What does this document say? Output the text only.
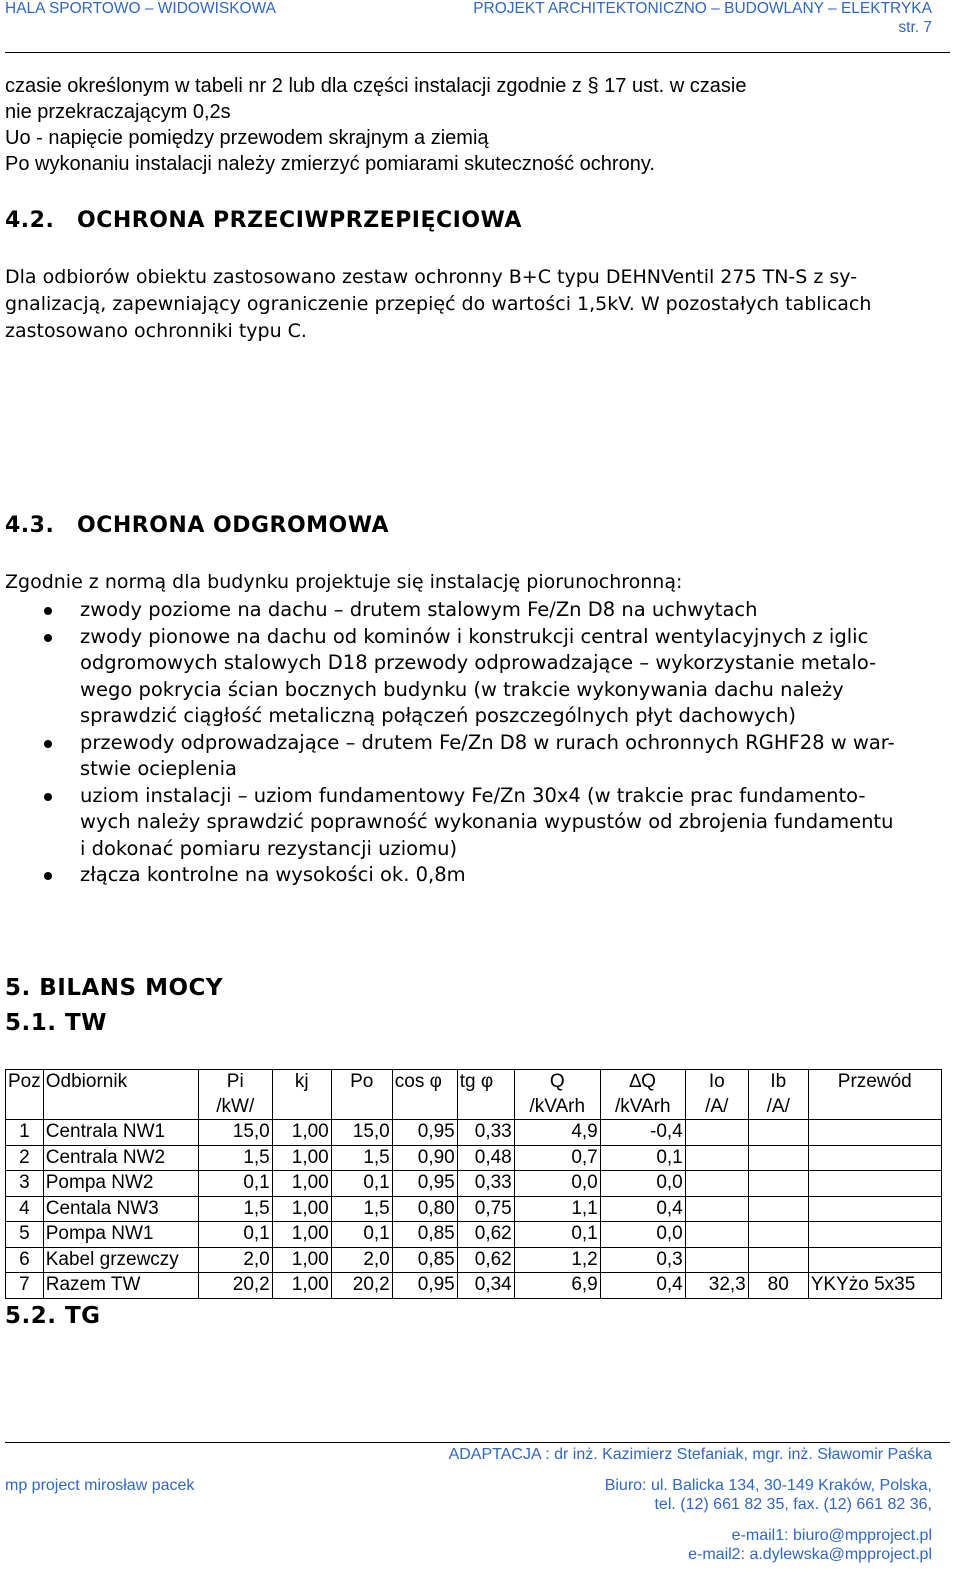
HALA SPORTOWO – WIDOWISKOWA	PROJEKT ARCHITEKTONICZNO – BUDOWLANY – ELEKTRYKA
str. 7
czasie określonym w tabeli nr 2 lub dla części instalacji zgodnie z § 17 ust. w czasie
nie przekraczającym 0,2s
Uo - napięcie pomiędzy przewodem skrajnym a ziemią
Po wykonaniu instalacji należy zmierzyć pomiarami skuteczność ochrony.
4.2. OCHRONA PRZECIWPRZEPIĘCIOWA
Dla odbiorów obiektu zastosowano zestaw ochronny B+C typu DEHNVentil 275 TN-S z sy-
gnalizacją, zapewniający ograniczenie przepięć do wartości 1,5kV. W pozostałych tablicach
zastosowano ochronniki typu C.
4.3. OCHRONA ODGROMOWA
Zgodnie z normą dla budynku projektuje się instalację piorunochronną:
zwody poziome na dachu – drutem stalowym Fe/Zn D8 na uchwytach
zwody pionowe na dachu od kominów i konstrukcji central wentylacyjnych z iglic
odgromowych stalowych D18 przewody odprowadzające – wykorzystanie metalo-
wego pokrycia ścian bocznych budynku (w trakcie wykonywania dachu należy
sprawdzić ciągłość metaliczną połączeń poszczególnych płyt dachowych)
przewody odprowadzające – drutem Fe/Zn D8 w rurach ochronnych RGHF28 w war-
stwie ocieplenia
uziom instalacji – uziom fundamentowy Fe/Zn 30x4 (w trakcie prac fundamento-
wych należy sprawdzić poprawność wykonania wypustów od zbrojenia fundamentu
i dokonać pomiaru rezystancji uziomu)
złącza kontrolne na wysokości ok. 0,8m
5. BILANS MOCY
5.1. TW
Poz	Odbiornik	Pi	kj	Po	cos φ	tg φ	Q	∆Q	Io	Ib	Przewód
		/kW/					/kVArh	/kVArh	/A/	/A/	
1	Centrala NW1	15,0	1,00	15,0	0,95	0,33	4,9	-0,4			
2	Centrala NW2	1,5	1,00	1,5	0,90	0,48	0,7	0,1			
3	Pompa NW2	0,1	1,00	0,1	0,95	0,33	0,0	0,0			
4	Centala NW3	1,5	1,00	1,5	0,80	0,75	1,1	0,4			
5	Pompa NW1	0,1	1,00	0,1	0,85	0,62	0,1	0,0			
6	Kabel grzewczy	2,0	1,00	2,0	0,85	0,62	1,2	0,3			
7	Razem TW	20,2	1,00	20,2	0,95	0,34	6,9	0,4	32,3	80	YKYżo 5x35
5.2. TG
ADAPTACJA : dr inż. Kazimierz Stefaniak, mgr. inż. Sławomir Paśka
mp project mirosław pacek	Biuro: ul. Balicka 134, 30-149 Kraków, Polska,
tel. (12) 661 82 35, fax. (12) 661 82 36,
e-mail1: biuro@mpproject.pl
e-mail2: a.dylewska@mpproject.pl
